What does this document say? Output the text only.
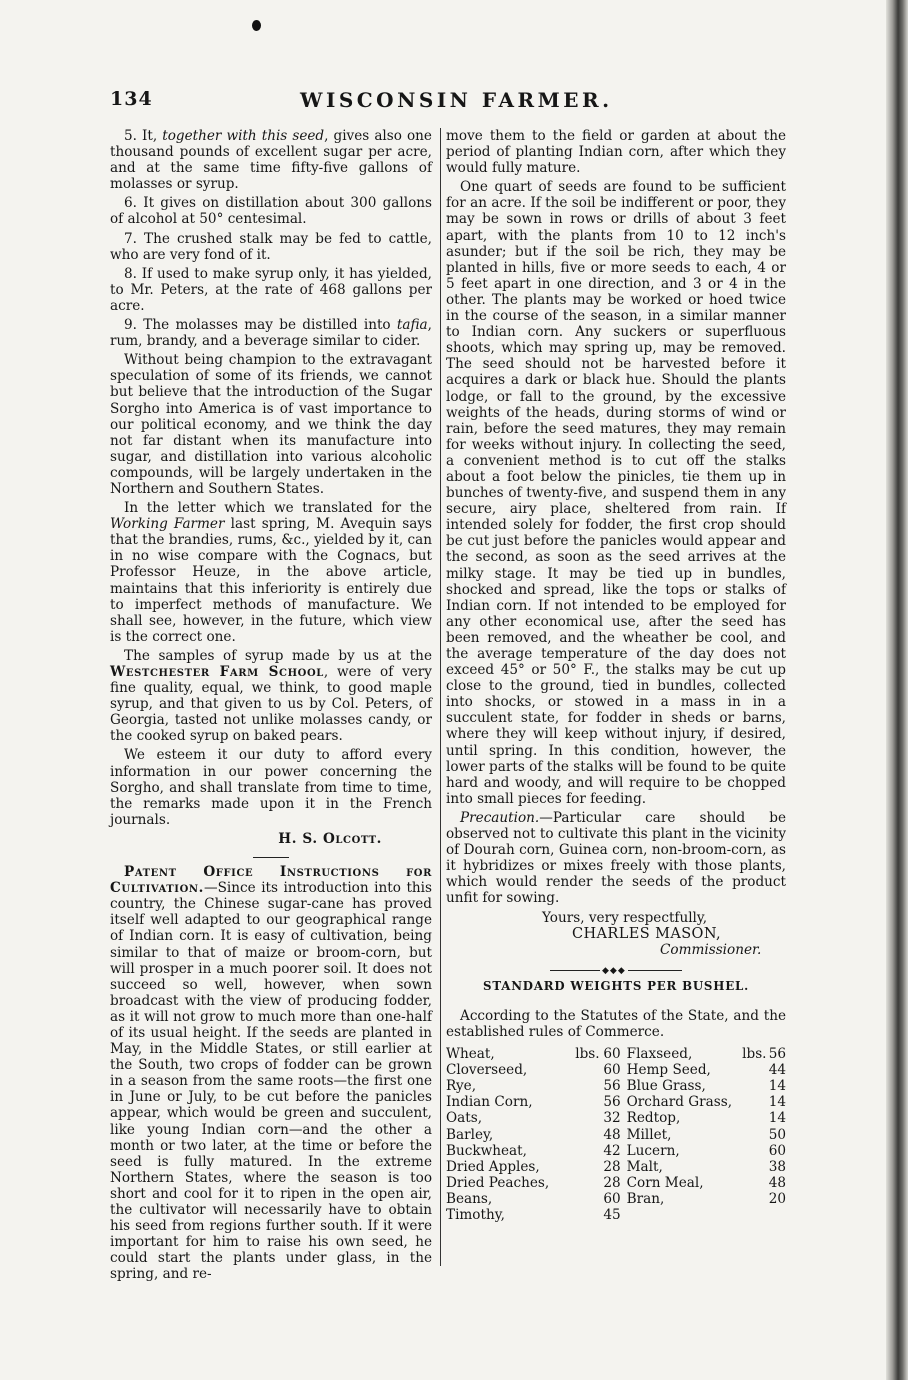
134	WISCONSIN FARMER.

5. It, together with this seed, gives also one thousand pounds of excellent sugar per acre, and at the same time fifty-five gallons of molasses or syrup.

6. It gives on distillation about 300 gallons of alcohol at 50° centesimal.

7. The crushed stalk may be fed to cattle, who are very fond of it.

8. If used to make syrup only, it has yielded, to Mr. Peters, at the rate of 468 gallons per acre.

9. The molasses may be distilled into tafia, rum, brandy, and a beverage similar to cider.

Without being champion to the extravagant speculation of some of its friends, we cannot but believe that the introduction of the Sugar Sorgho into America is of vast importance to our political economy, and we think the day not far distant when its manufacture into sugar, and distillation into various alcoholic compounds, will be largely undertaken in the Northern and Southern States.

In the letter which we translated for the Working Farmer last spring, M. Avequin says that the brandies, rums, &c., yielded by it, can in no wise compare with the Cognacs, but Professor Heuze, in the above article, maintains that this inferiority is entirely due to imperfect methods of manufacture. We shall see, however, in the future, which view is the correct one.

The samples of syrup made by us at the Westchester Farm School, were of very fine quality, equal, we think, to good maple syrup, and that given to us by Col. Peters, of Georgia, tasted not unlike molasses candy, or the cooked syrup on baked pears.

We esteem it our duty to afford every information in our power concerning the Sorgho, and shall translate from time to time, the remarks made upon it in the French journals.

H. S. Olcott.

Patent Office Instructions for Cultivation.—Since its introduction into this country, the Chinese sugar-cane has proved itself well adapted to our geographical range of Indian corn. It is easy of cultivation, being similar to that of maize or broom-corn, but will prosper in a much poorer soil. It does not succeed so well, however, when sown broadcast with the view of producing fodder, as it will not grow to much more than one-half of its usual height. If the seeds are planted in May, in the Middle States, or still earlier at the South, two crops of fodder can be grown in a season from the same roots—the first one in June or July, to be cut before the panicles appear, which would be green and succulent, like young Indian corn—and the other a month or two later, at the time or before the seed is fully matured. In the extreme Northern States, where the season is too short and cool for it to ripen in the open air, the cultivator will necessarily have to obtain his seed from regions further south. If it were important for him to raise his own seed, he could start the plants under glass, in the spring, and re-

move them to the field or garden at about the period of planting Indian corn, after which they would fully mature.

One quart of seeds are found to be sufficient for an acre. If the soil be indifferent or poor, they may be sown in rows or drills of about 3 feet apart, with the plants from 10 to 12 inch's asunder; but if the soil be rich, they may be planted in hills, five or more seeds to each, 4 or 5 feet apart in one direction, and 3 or 4 in the other. The plants may be worked or hoed twice in the course of the season, in a similar manner to Indian corn. Any suckers or superfluous shoots, which may spring up, may be removed. The seed should not be harvested before it acquires a dark or black hue. Should the plants lodge, or fall to the ground, by the excessive weights of the heads, during storms of wind or rain, before the seed matures, they may remain for weeks without injury. In collecting the seed, a convenient method is to cut off the stalks about a foot below the pinicles, tie them up in bunches of twenty-five, and suspend them in any secure, airy place, sheltered from rain. If intended solely for fodder, the first crop should be cut just before the panicles would appear and the second, as soon as the seed arrives at the milky stage. It may be tied up in bundles, shocked and spread, like the tops or stalks of Indian corn. If not intended to be employed for any other economical use, after the seed has been removed, and the wheather be cool, and the average temperature of the day does not exceed 45° or 50° F., the stalks may be cut up close to the ground, tied in bundles, collected into shocks, or stowed in a mass in in a succulent state, for fodder in sheds or barns, where they will keep without injury, if desired, until spring. In this condition, however, the lower parts of the stalks will be found to be quite hard and woody, and will require to be chopped into small pieces for feeding.

Precaution.—Particular care should be observed not to cultivate this plant in the vicinity of Dourah corn, Guinea corn, non-broom-corn, as it hybridizes or mixes freely with those plants, which would render the seeds of the product unfit for sowing.

Yours, very respectfully,

CHARLES MASON,

Commissioner.

◆◆◆

STANDARD WEIGHTS PER BUSHEL.

According to the Statutes of the State, and the established rules of Commerce.

Wheat,	lbs.	60	Flaxseed,	lbs.	56
Cloverseed,		60	Hemp Seed,		44
Rye,		56	Blue Grass,		14
Indian Corn,		56	Orchard Grass,		14
Oats,		32	Redtop,		14
Barley,		48	Millet,		50
Buckwheat,		42	Lucern,		60
Dried Apples,		28	Malt,		38
Dried Peaches,		28	Corn Meal,		48
Beans,		60	Bran,		20
Timothy,		45			
